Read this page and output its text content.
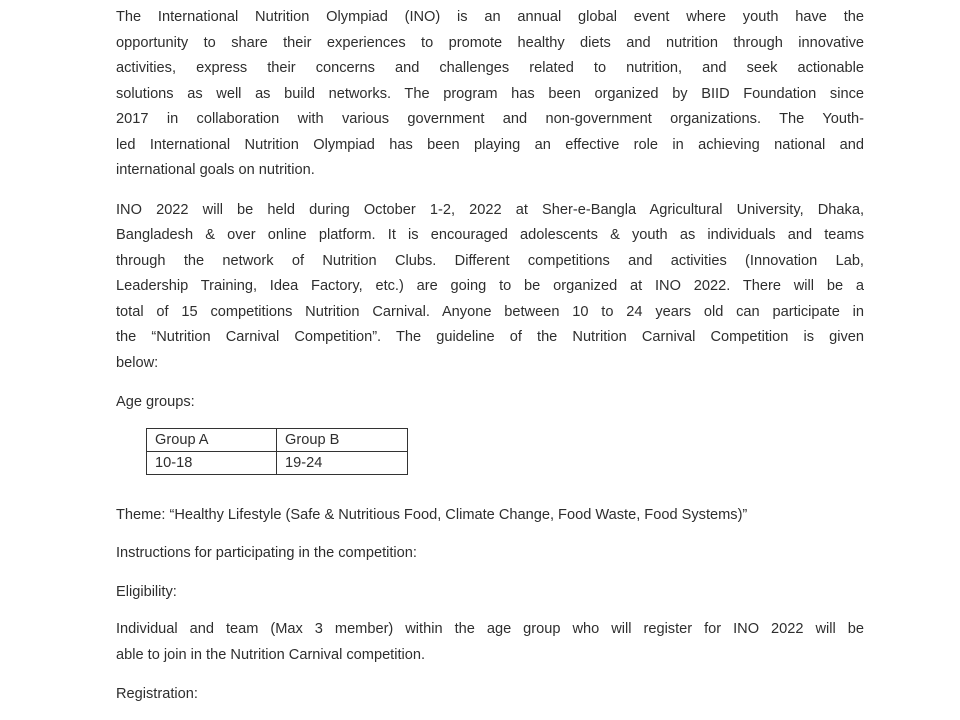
The International Nutrition Olympiad (INO) is an annual global event where youth have the
opportunity to share their experiences to promote healthy diets and nutrition through innovative
activities, express their concerns and challenges related to nutrition, and seek actionable
solutions as well as build networks. The program has been organized by BIID Foundation since
2017 in collaboration with various government and non-government organizations. The Youth-
led International Nutrition Olympiad has been playing an effective role in achieving national and
international goals on nutrition.
INO 2022 will be held during October 1-2, 2022 at Sher-e-Bangla Agricultural University, Dhaka,
Bangladesh & over online platform. It is encouraged adolescents & youth as individuals and teams
through the network of Nutrition Clubs. Different competitions and activities (Innovation Lab,
Leadership Training, Idea Factory, etc.) are going to be organized at INO 2022. There will be a
total of 15 competitions Nutrition Carnival. Anyone between 10 to 24 years old can participate in
the “Nutrition Carnival Competition”. The guideline of the Nutrition Carnival Competition is given
below:
Age groups:
Group A	Group B
10-18	19-24
Theme: “Healthy Lifestyle (Safe & Nutritious Food, Climate Change, Food Waste, Food Systems)”
Instructions for participating in the competition:
Eligibility:
Individual and team (Max 3 member) within the age group who will register for INO 2022 will be
able to join in the Nutrition Carnival competition.
Registration:
